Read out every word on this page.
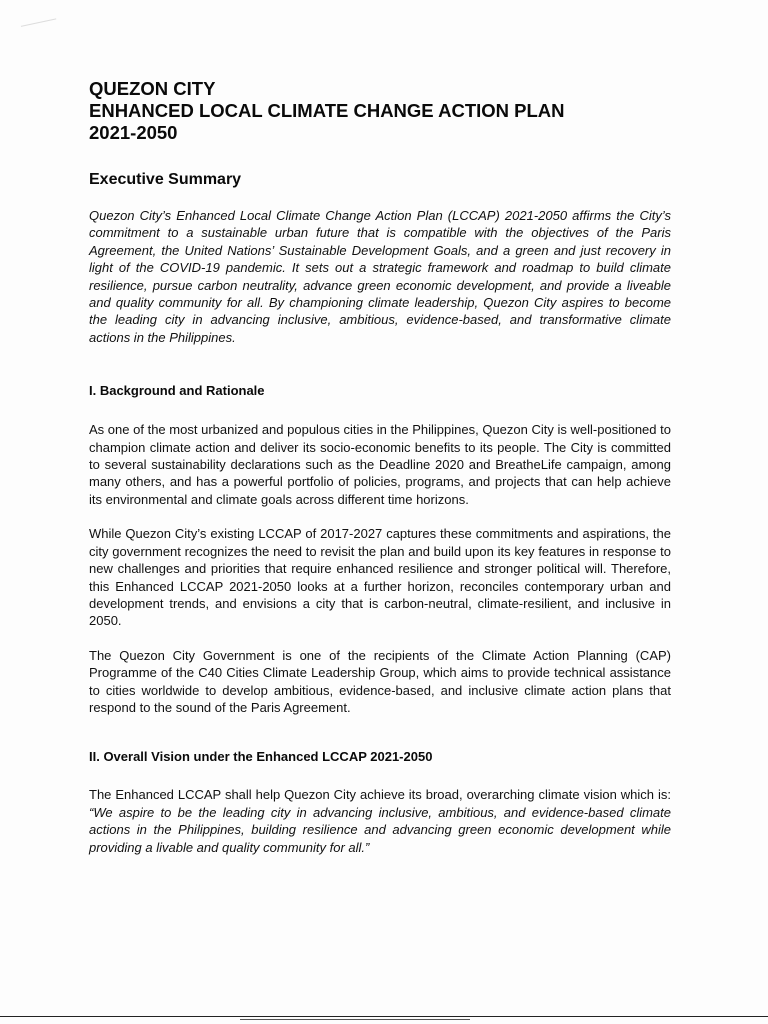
QUEZON CITY
ENHANCED LOCAL CLIMATE CHANGE ACTION PLAN
2021-2050
Executive Summary

Quezon City’s Enhanced Local Climate Change Action Plan (LCCAP) 2021-2050 affirms the City’s commitment to a sustainable urban future that is compatible with the objectives of the Paris Agreement, the United Nations’ Sustainable Development Goals, and a green and just recovery in light of the COVID-19 pandemic. It sets out a strategic framework and roadmap to build climate resilience, pursue carbon neutrality, advance green economic development, and provide a liveable and quality community for all. By championing climate leadership, Quezon City aspires to become the leading city in advancing inclusive, ambitious, evidence-based, and transformative climate actions in the Philippines.

I. Background and Rationale

As one of the most urbanized and populous cities in the Philippines, Quezon City is well-positioned to champion climate action and deliver its socio-economic benefits to its people. The City is committed to several sustainability declarations such as the Deadline 2020 and BreatheLife campaign, among many others, and has a powerful portfolio of policies, programs, and projects that can help achieve its environmental and climate goals across different time horizons.

While Quezon City’s existing LCCAP of 2017-2027 captures these commitments and aspirations, the city government recognizes the need to revisit the plan and build upon its key features in response to new challenges and priorities that require enhanced resilience and stronger political will. Therefore, this Enhanced LCCAP 2021-2050 looks at a further horizon, reconciles contemporary urban and development trends, and envisions a city that is carbon-neutral, climate-resilient, and inclusive in 2050.

The Quezon City Government is one of the recipients of the Climate Action Planning (CAP) Programme of the C40 Cities Climate Leadership Group, which aims to provide technical assistance to cities worldwide to develop ambitious, evidence-based, and inclusive climate action plans that respond to the sound of the Paris Agreement.

II. Overall Vision under the Enhanced LCCAP 2021-2050

The Enhanced LCCAP shall help Quezon City achieve its broad, overarching climate vision which is: “We aspire to be the leading city in advancing inclusive, ambitious, and evidence-based climate actions in the Philippines, building resilience and advancing green economic development while providing a livable and quality community for all.”
